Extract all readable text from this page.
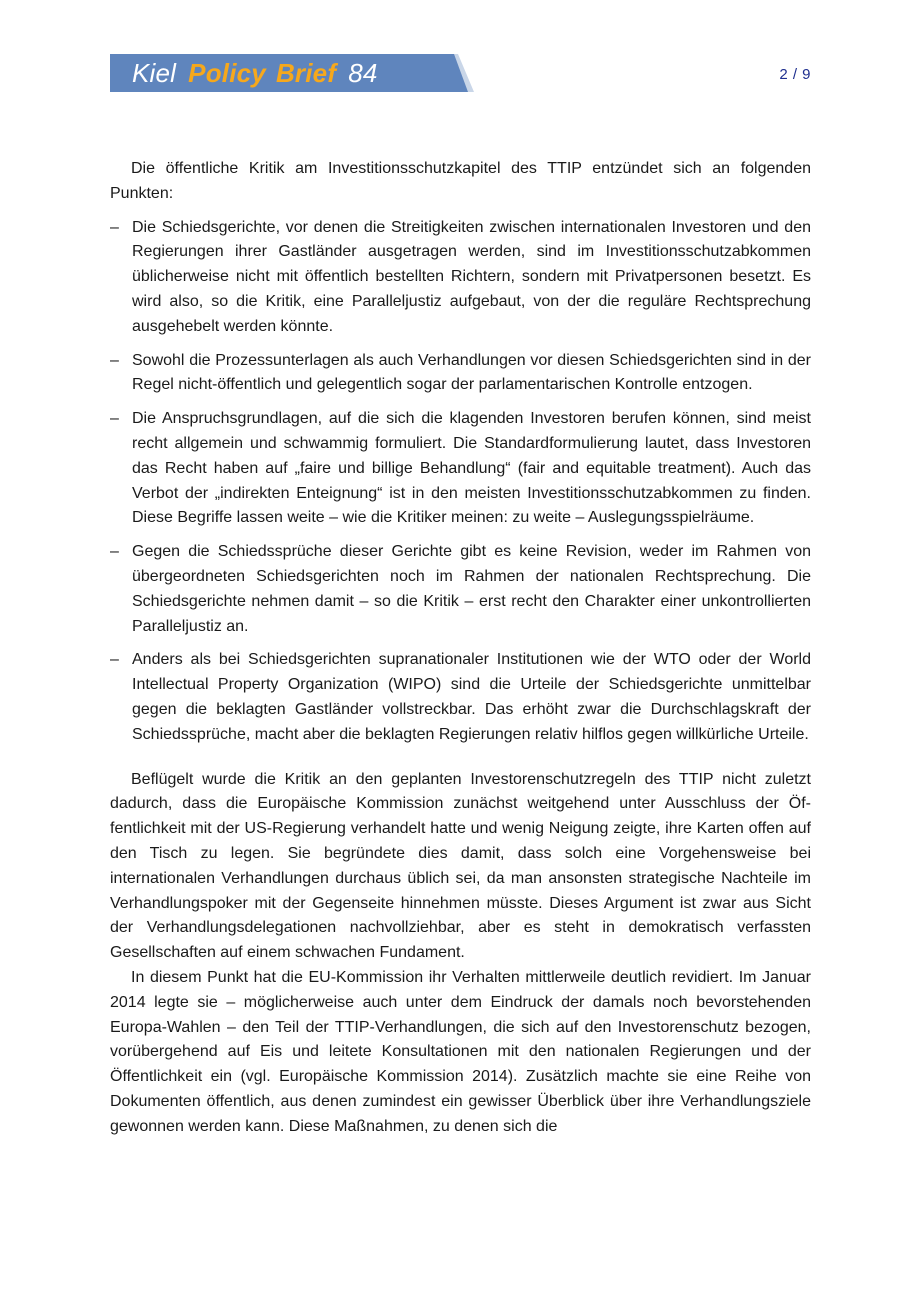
Kiel Policy Brief 84	2 / 9

Die öffentliche Kritik am Investitionsschutzkapitel des TTIP entzündet sich an folgenden Punkten:

– Die Schiedsgerichte, vor denen die Streitigkeiten zwischen internationalen Investoren und den Regierungen ihrer Gastländer ausgetragen werden, sind im Investitionsschutzabkommen üblicherweise nicht mit öffentlich bestellten Richtern, sondern mit Privatpersonen besetzt. Es wird also, so die Kritik, eine Paralleljustiz aufgebaut, von der die reguläre Rechtsprechung ausgehebelt werden könnte.
– Sowohl die Prozessunterlagen als auch Verhandlungen vor diesen Schiedsgerichten sind in der Regel nicht-öffentlich und gelegentlich sogar der parlamentarischen Kontrolle entzogen.
– Die Anspruchsgrundlagen, auf die sich die klagenden Investoren berufen können, sind meist recht allgemein und schwammig formuliert. Die Standardformulierung lautet, dass Investoren das Recht haben auf „faire und billige Behandlung“ (fair and equitable treatment). Auch das Verbot der „indirekten Enteignung“ ist in den meisten Investitionsschutzabkommen zu finden. Diese Begriffe lassen weite – wie die Kritiker meinen: zu weite – Auslegungsspielräume.
– Gegen die Schiedssprüche dieser Gerichte gibt es keine Revision, weder im Rahmen von übergeordneten Schiedsgerichten noch im Rahmen der nationalen Rechtsprechung. Die Schiedsgerichte nehmen damit – so die Kritik – erst recht den Charakter einer unkontrollierten Paralleljustiz an.
– Anders als bei Schiedsgerichten supranationaler Institutionen wie der WTO oder der World Intellectual Property Organization (WIPO) sind die Urteile der Schiedsgerichte unmittelbar gegen die beklagten Gastländer vollstreckbar. Das erhöht zwar die Durchschlagskraft der Schiedssprüche, macht aber die beklagten Regierungen relativ hilflos gegen willkürliche Urteile.

Beflügelt wurde die Kritik an den geplanten Investorenschutzregeln des TTIP nicht zuletzt dadurch, dass die Europäische Kommission zunächst weitgehend unter Ausschluss der Öffentlichkeit mit der US-Regierung verhandelt hatte und wenig Neigung zeigte, ihre Karten offen auf den Tisch zu legen. Sie begründete dies damit, dass solch eine Vorgehensweise bei internationalen Verhandlungen durchaus üblich sei, da man ansonsten strategische Nachteile im Verhandlungspoker mit der Gegenseite hinnehmen müsste. Dieses Argument ist zwar aus Sicht der Verhandlungsdelegationen nachvollziehbar, aber es steht in demokratisch verfassten Gesellschaften auf einem schwachen Fundament.

In diesem Punkt hat die EU-Kommission ihr Verhalten mittlerweile deutlich revidiert. Im Januar 2014 legte sie – möglicherweise auch unter dem Eindruck der damals noch bevorstehenden Europa-Wahlen – den Teil der TTIP-Verhandlungen, die sich auf den Investorenschutz bezogen, vorübergehend auf Eis und leitete Konsultationen mit den nationalen Regierungen und der Öffentlichkeit ein (vgl. Europäische Kommission 2014). Zusätzlich machte sie eine Reihe von Dokumenten öffentlich, aus denen zumindest ein gewisser Überblick über ihre Verhandlungsziele gewonnen werden kann. Diese Maßnahmen, zu denen sich die
